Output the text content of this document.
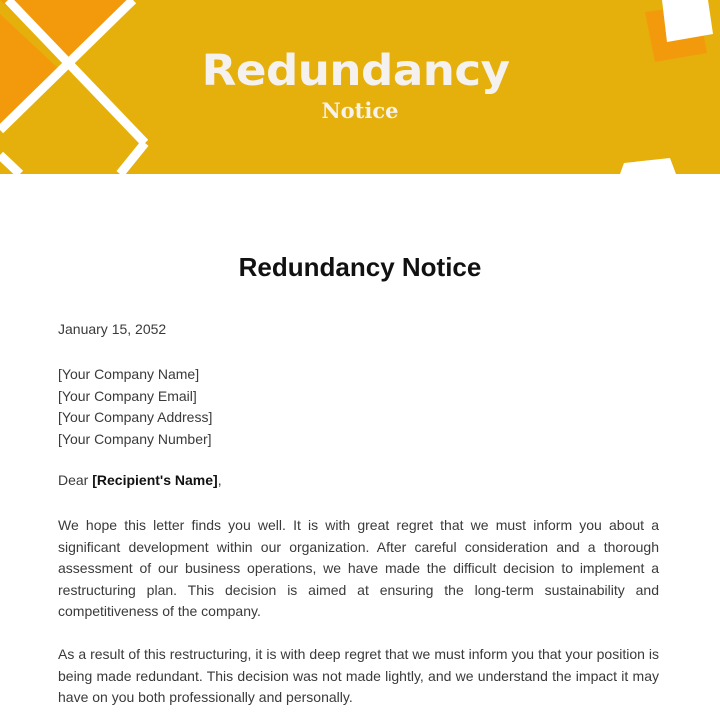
Redundancy
Notice
Redundancy Notice
January 15, 2052
[Your Company Name]
[Your Company Email]
[Your Company Address]
[Your Company Number]
Dear [Recipient's Name],
We hope this letter finds you well. It is with great regret that we must inform you about a significant development within our organization. After careful consideration and a thorough assessment of our business operations, we have made the difficult decision to implement a restructuring plan. This decision is aimed at ensuring the long-term sustainability and competitiveness of the company.
As a result of this restructuring, it is with deep regret that we must inform you that your position is being made redundant. This decision was not made lightly, and we understand the impact it may have on you both professionally and personally.
